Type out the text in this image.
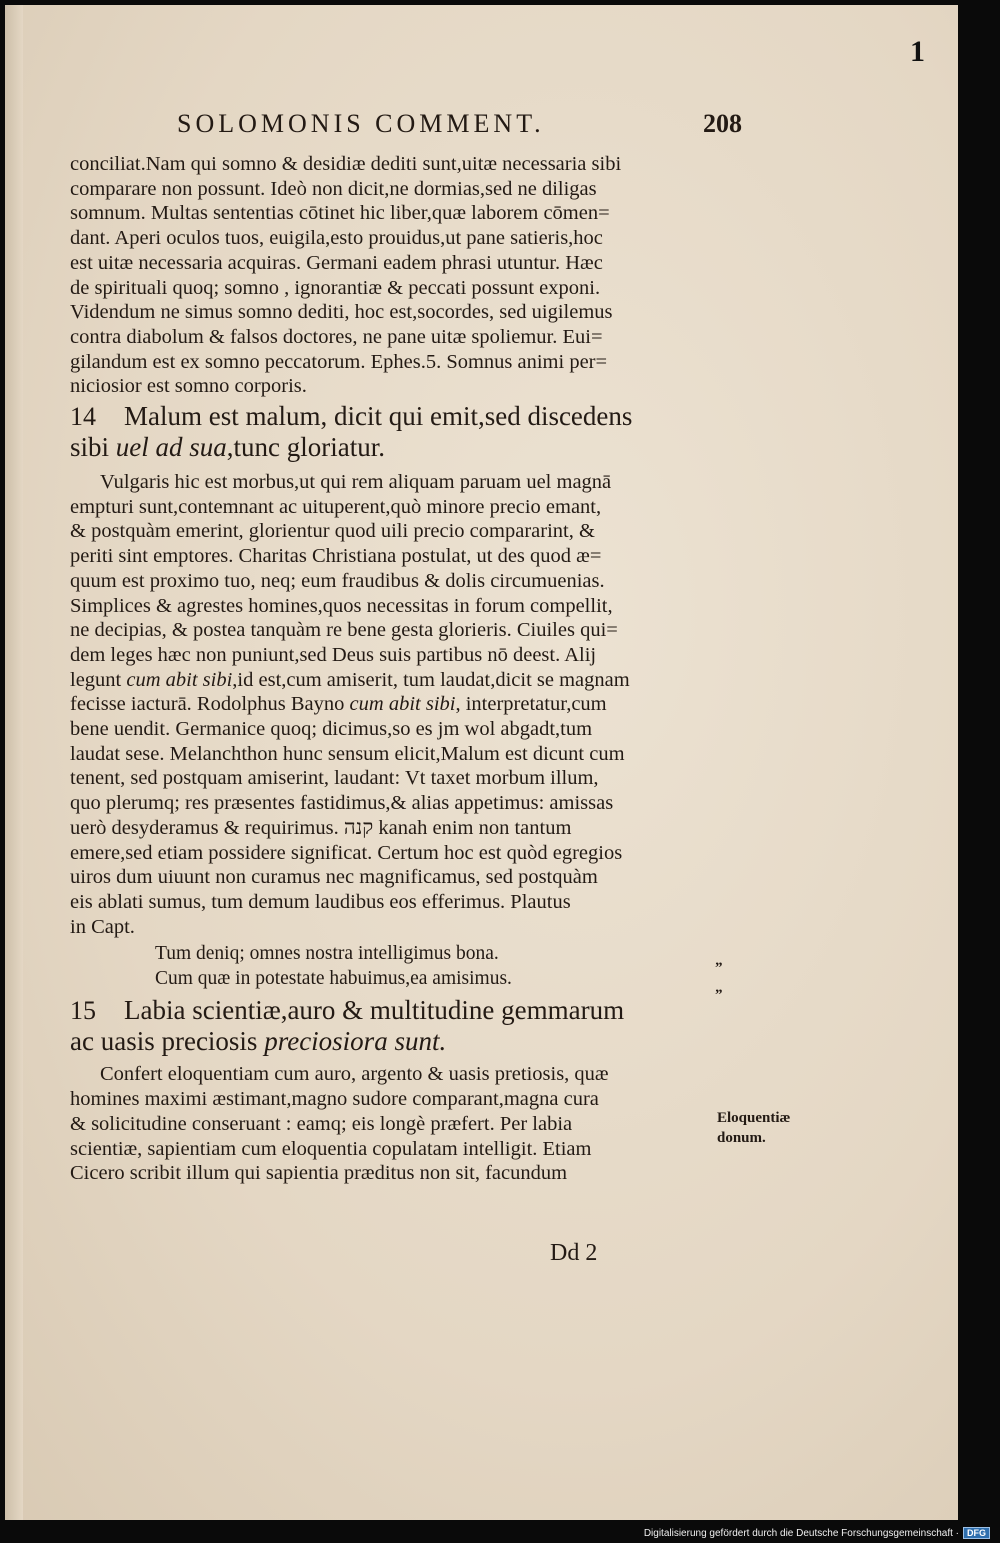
1
SOLOMONIS COMMENT.	208

conciliat.Nam qui somno & desidiæ dediti sunt,uitæ necessaria sibi

comparare non possunt. Ideò non dicit,ne dormias,sed ne diligas

somnum. Multas sententias cōtinet hic liber,quæ laborem cōmen=

dant. Aperi oculos tuos, euigila,esto prouidus,ut pane satieris,hoc

est uitæ necessaria acquiras. Germani eadem phrasi utuntur. Hæc

de spirituali quoq; somno , ignorantiæ & peccati possunt exponi.

Videndum ne simus somno dediti, hoc est,socordes, sed uigilemus

contra diabolum & falsos doctores, ne pane uitæ spoliemur. Eui=

gilandum est ex somno peccatorum. Ephes.5. Somnus animi per=

niciosior est somno corporis.

14 Malum est malum, dicit qui emit,sed discedens

sibi uel ad sua,tunc gloriatur.

Vulgaris hic est morbus,ut qui rem aliquam paruam uel magnā

empturi sunt,contemnant ac uituperent,quò minore precio emant,

& postquàm emerint, glorientur quod uili precio compararint, &

periti sint emptores. Charitas Christiana postulat, ut des quod æ=

quum est proximo tuo, neq; eum fraudibus & dolis circumuenias.

Simplices & agrestes homines,quos necessitas in forum compellit,

ne decipias, & postea tanquàm re bene gesta glorieris. Ciuiles qui=

dem leges hæc non puniunt,sed Deus suis partibus nō deest. Alij

legunt cum abit sibi,id est,cum amiserit, tum laudat,dicit se magnam

fecisse iacturā. Rodolphus Bayno cum abit sibi, interpretatur,cum

bene uendit. Germanice quoq; dicimus,so es jm wol abgadt,tum

laudat sese. Melanchthon hunc sensum elicit,Malum est dicunt cum

tenent, sed postquam amiserint, laudant: Vt taxet morbum illum,

quo plerumq; res præsentes fastidimus,& alias appetimus: amissas

uerò desyderamus & requirimus. קנה kanah enim non tantum

emere,sed etiam possidere significat. Certum hoc est quòd egregios

uiros dum uiuunt non curamus nec magnificamus, sed postquàm

eis ablati sumus, tum demum laudibus eos efferimus. Plautus

in Capt.

Tum deniq; omnes nostra intelligimus bona.

Cum quæ in potestate habuimus,ea amisimus.

15 Labia scientiæ,auro & multitudine gemmarum

ac uasis preciosis preciosiora sunt.

Confert eloquentiam cum auro, argento & uasis pretiosis, quæ

homines maximi æstimant,magno sudore comparant,magna cura

& solicitudine conseruant : eamq; eis longè præfert. Per labia

scientiæ, sapientiam cum eloquentia copulatam intelligit. Etiam

Cicero scribit illum qui sapientia præditus non sit, facundum

”
”
Eloquentiæ
donum.
Dd 2
Digitalisierung gefördert durch die Deutsche Forschungsgemeinschaft · DFG
